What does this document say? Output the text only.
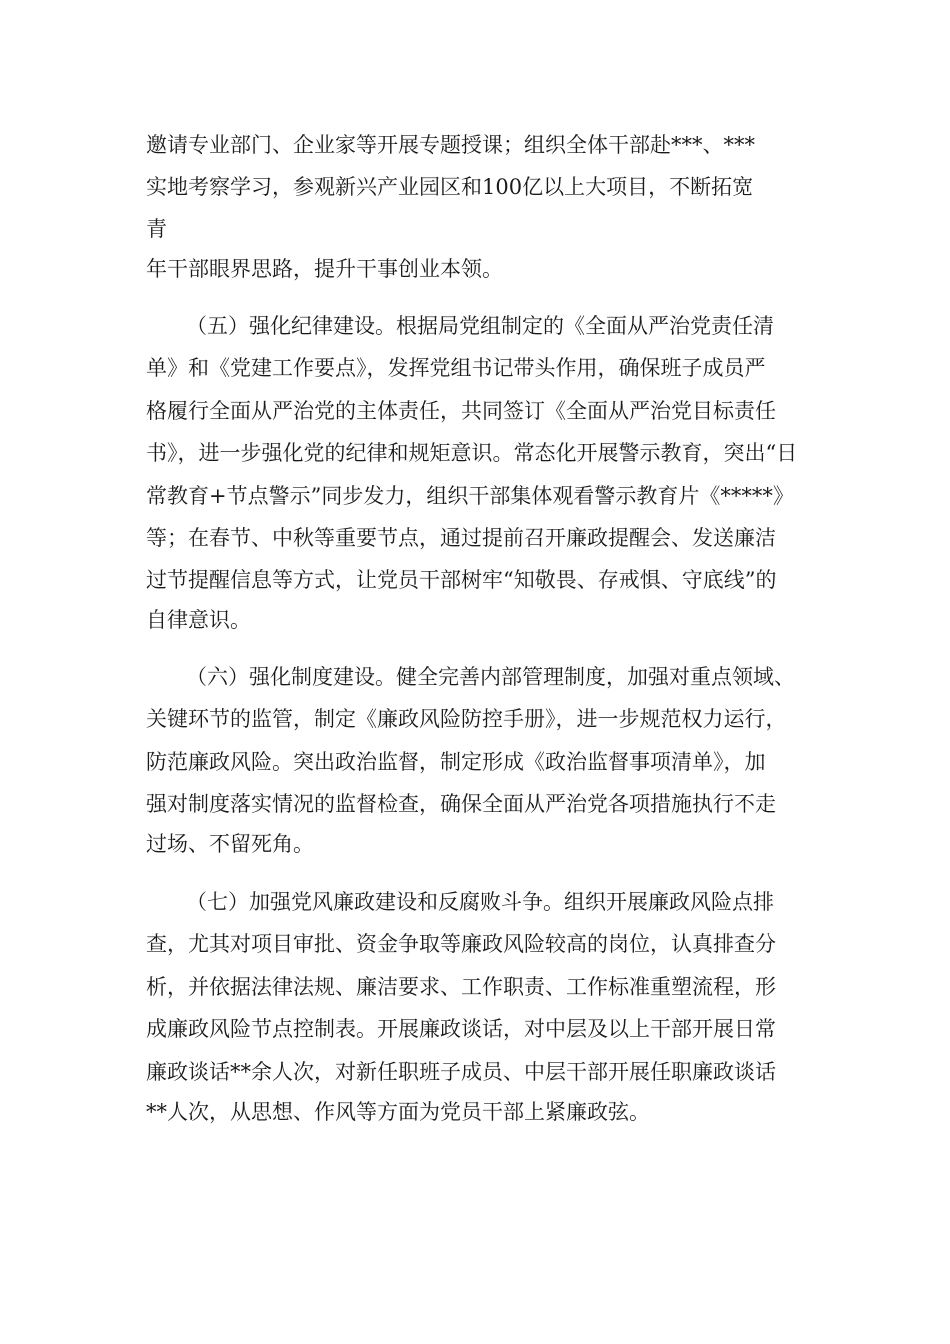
邀请专业部门、企业家等开展专题授课；组织全体干部赴***、***
实地考察学习，参观新兴产业园区和100亿以上大项目，不断拓宽
青
年干部眼界思路，提升干事创业本领。
（五）强化纪律建设。根据局党组制定的《全面从严治党责任清
单》和《党建工作要点》，发挥党组书记带头作用，确保班子成员严
格履行全面从严治党的主体责任，共同签订《全面从严治党目标责任
书》，进一步强化党的纪律和规矩意识。常态化开展警示教育，突出“日
常教育+节点警示”同步发力，组织干部集体观看警示教育片《*****》
等；在春节、中秋等重要节点，通过提前召开廉政提醒会、发送廉洁
过节提醒信息等方式，让党员干部树牢“知敬畏、存戒惧、守底线”的
自律意识。
（六）强化制度建设。健全完善内部管理制度，加强对重点领域、
关键环节的监管，制定《廉政风险防控手册》，进一步规范权力运行，
防范廉政风险。突出政治监督，制定形成《政治监督事项清单》，加
强对制度落实情况的监督检查，确保全面从严治党各项措施执行不走
过场、不留死角。
（七）加强党风廉政建设和反腐败斗争。组织开展廉政风险点排
查，尤其对项目审批、资金争取等廉政风险较高的岗位，认真排查分
析，并依据法律法规、廉洁要求、工作职责、工作标准重塑流程，形
成廉政风险节点控制表。开展廉政谈话，对中层及以上干部开展日常
廉政谈话**余人次，对新任职班子成员、中层干部开展任职廉政谈话
**人次，从思想、作风等方面为党员干部上紧廉政弦。
